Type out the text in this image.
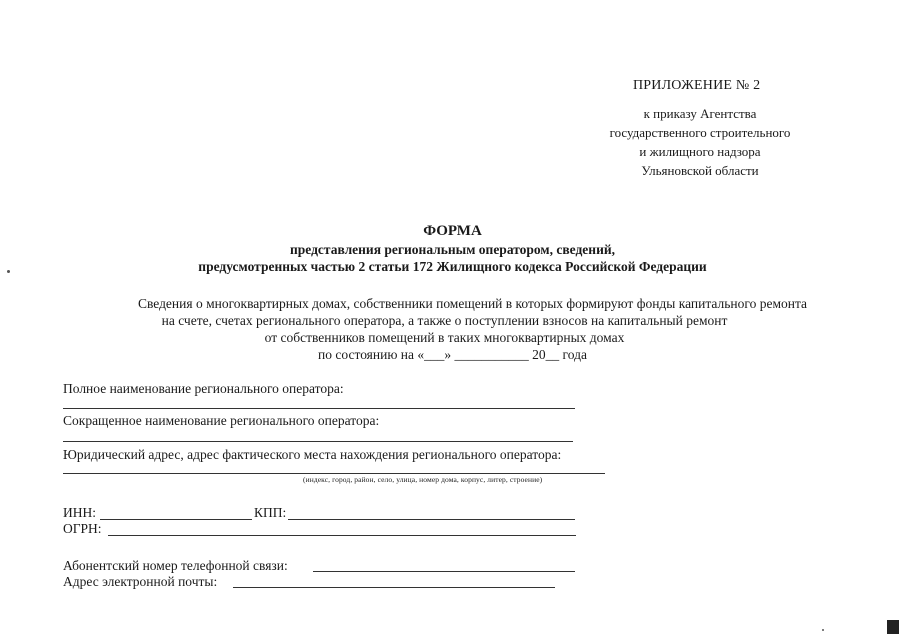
ПРИЛОЖЕНИЕ № 2
к приказу Агентства
государственного строительного
и жилищного надзора
Ульяновской области
ФОРМА
представления региональным оператором, сведений,
предусмотренных частью 2 статьи 172 Жилищного кодекса Российской Федерации
Сведения о многоквартирных домах, собственники помещений в которых формируют фонды капитального ремонта
на счете, счетах регионального оператора, а также о поступлении взносов на капитальный ремонт
от собственников помещений в таких многоквартирных домах
по состоянию на «___» ___________ 20__ года
Полное наименование регионального оператора:
Сокращенное наименование регионального оператора:
Юридический адрес, адрес фактического места нахождения регионального оператора:
(индекс, город, район, село, улица, номер дома, корпус, литер, строение)
ИНН:	КПП:
ОГРН:
Абонентский номер телефонной связи:
Адрес электронной почты:
